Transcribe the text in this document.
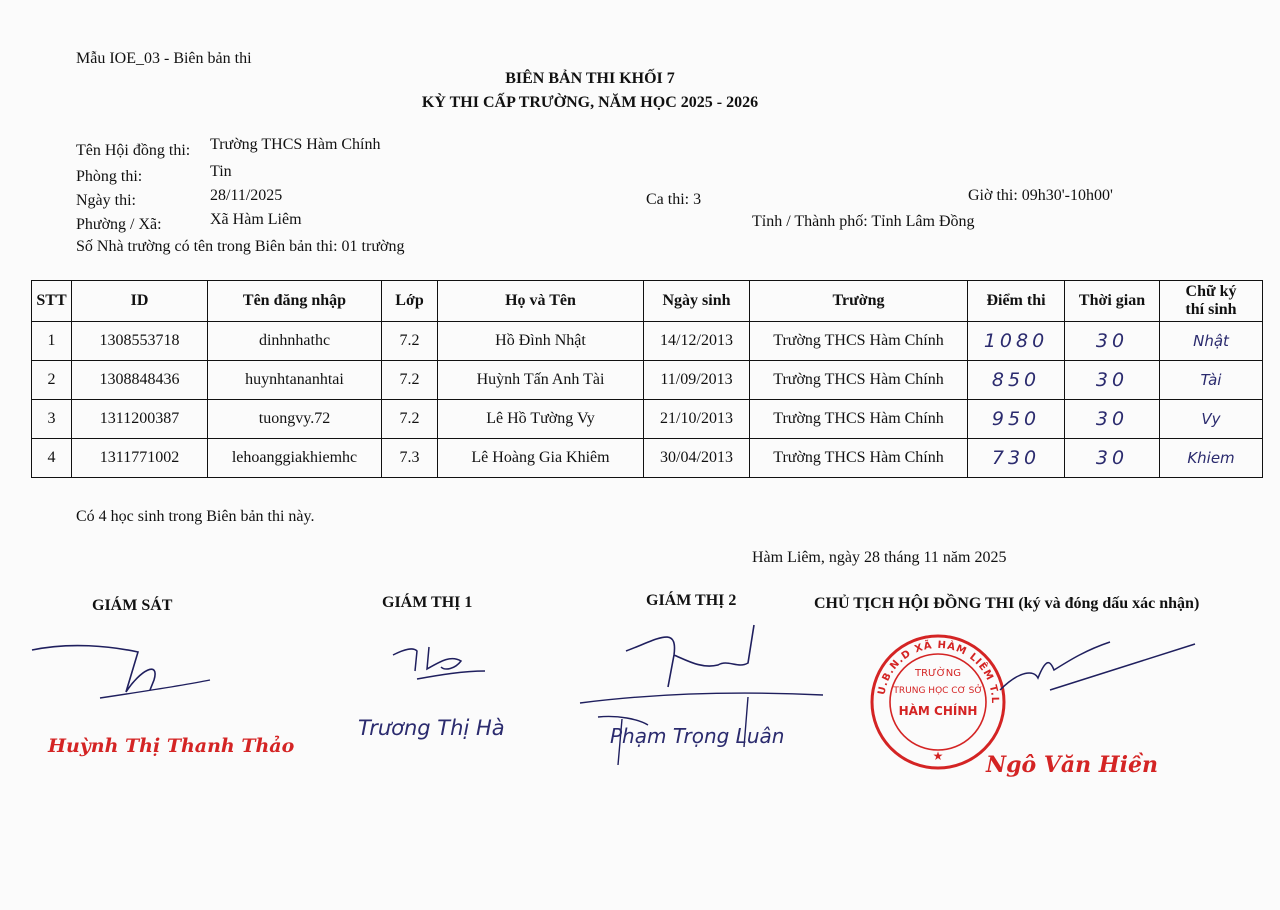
Mẫu IOE_03 - Biên bản thi
BIÊN BẢN THI KHỐI 7
KỲ THI CẤP TRƯỜNG, NĂM HỌC 2025 - 2026
Tên Hội đồng thi: Trường THCS Hàm Chính
Phòng thi:	Tin
Ngày thi:	28/11/2025	Ca thi: 3	Giờ thi: 09h30'-10h00'
Phường / Xã:	Xã Hàm Liêm	Tỉnh / Thành phố: Tỉnh Lâm Đồng
Số Nhà trường có tên trong Biên bản thi: 01 trường
STT	ID	Tên đăng nhập	Lớp	Họ và Tên	Ngày sinh	Trường	Điểm thi	Thời gian	Chữ ký
thí sinh

1	1308553718	dinhnhathc	7.2	Hồ Đình Nhật	14/12/2013	Trường THCS Hàm Chính	1080	30	Nhật
2	1308848436	huynhtananhtai	7.2	Huỳnh Tấn Anh Tài	11/09/2013	Trường THCS Hàm Chính	850	30	Tài
3	1311200387	tuongvy.72	7.2	Lê Hồ Tường Vy	21/10/2013	Trường THCS Hàm Chính	950	30	Vy
4	1311771002	lehoanggiakhiemhc	7.3	Lê Hoàng Gia Khiêm	30/04/2013	Trường THCS Hàm Chính	730	30	Khiem
Có 4 học sinh trong Biên bản thi này.
Hàm Liêm, ngày 28 tháng 11 năm 2025
GIÁM SÁT	GIÁM THỊ 1	GIÁM THỊ 2	CHỦ TỊCH HỘI ĐỒNG THI (ký và đóng dấu xác nhận)
Huỳnh Thị Thanh Thảo
Trương Thị Hà	Phạm Trọng Luân
U.B.N.D XÃ HÀM LIÊM T.L
★
TRƯỜNG
TRUNG HỌC CƠ SỞ
HÀM CHÍNH
Ngô Văn Hiền
